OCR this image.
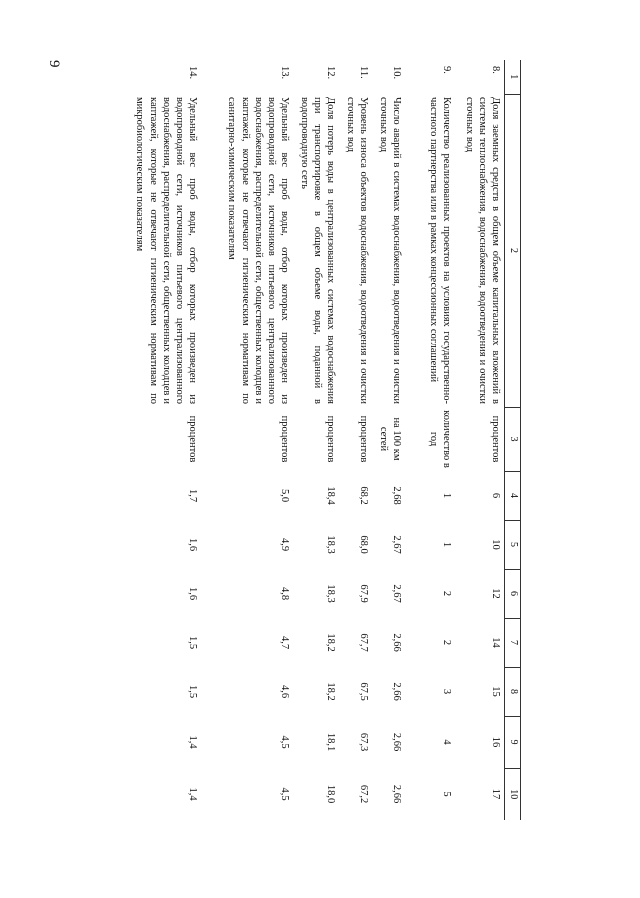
9
1	2	3	4	5	6	7	8	9	10
8.	Доля заемных средств в общем объеме капитальных вложений в системы теплоснабжения, водоснабжения, водоотведения и очистки сточных вод	процентов	6	10	12	14	15	16	17
9.	Количество реализованных проектов на условиях государственно-частного партнерства или в рамках концессионных соглашений	количество в год	1	1	2	2	3	4	5
10.	Число аварий в системах водоснабжения, водоотведения и очистки сточных вод	на 100 км сетей	2,68	2,67	2,67	2,66	2,66	2,66	2,66
11.	Уровень износа объектов водоснабжения, водоотведения и очистки сточных вод	процентов	68,2	68,0	67,9	67,7	67,5	67,3	67,2
12.	Доля потерь воды в централизованных системах водоснабжения при транспортировке в общем объеме воды, поданной в водопроводную сеть	процентов	18,4	18,3	18,3	18,2	18,2	18,1	18,0
13.	Удельный вес проб воды, отбор которых произведен из водопроводной сети, источников питьевого централизованного водоснабжения, распределительной сети, общественных колодцев и каптажей, которые не отвечают гигиеническим нормативам по санитарно-химическим показателям	процентов	5,0	4,9	4,8	4,7	4,6	4,5	4,5
14.	Удельный вес проб воды, отбор которых произведен из водопроводной сети, источников питьевого централизованного водоснабжения, распределительной сети, общественных колодцев и каптажей, которые не отвечают гигиеническим нормативам по микробиологическим показателям	процентов	1,7	1,6	1,6	1,5	1,5	1,4	1,4
